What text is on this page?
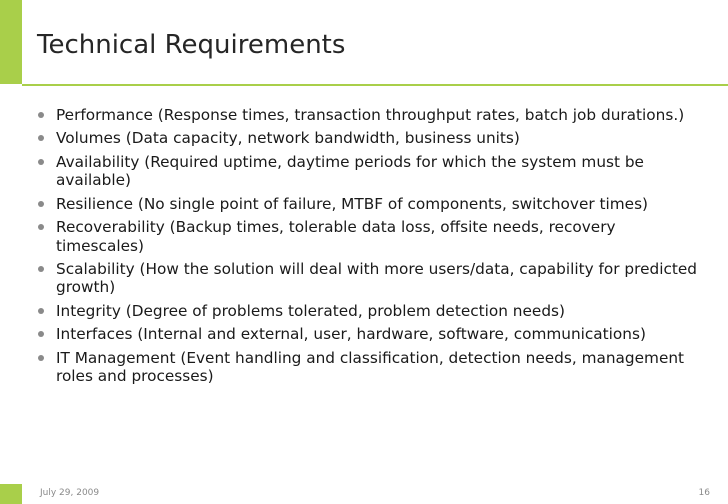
Technical Requirements
Performance (Response times, transaction throughput rates, batch job durations.)
Volumes (Data capacity, network bandwidth, business units)
Availability (Required uptime, daytime periods for which the system must be available)
Resilience (No single point of failure, MTBF of components, switchover times)
Recoverability (Backup times, tolerable data loss, offsite needs, recovery timescales)
Scalability (How the solution will deal with more users/data, capability for predicted growth)
Integrity (Degree of problems tolerated, problem detection needs)
Interfaces (Internal and external, user, hardware, software, communications)
IT Management (Event handling and classification, detection needs, management roles and processes)
July 29, 2009	16
